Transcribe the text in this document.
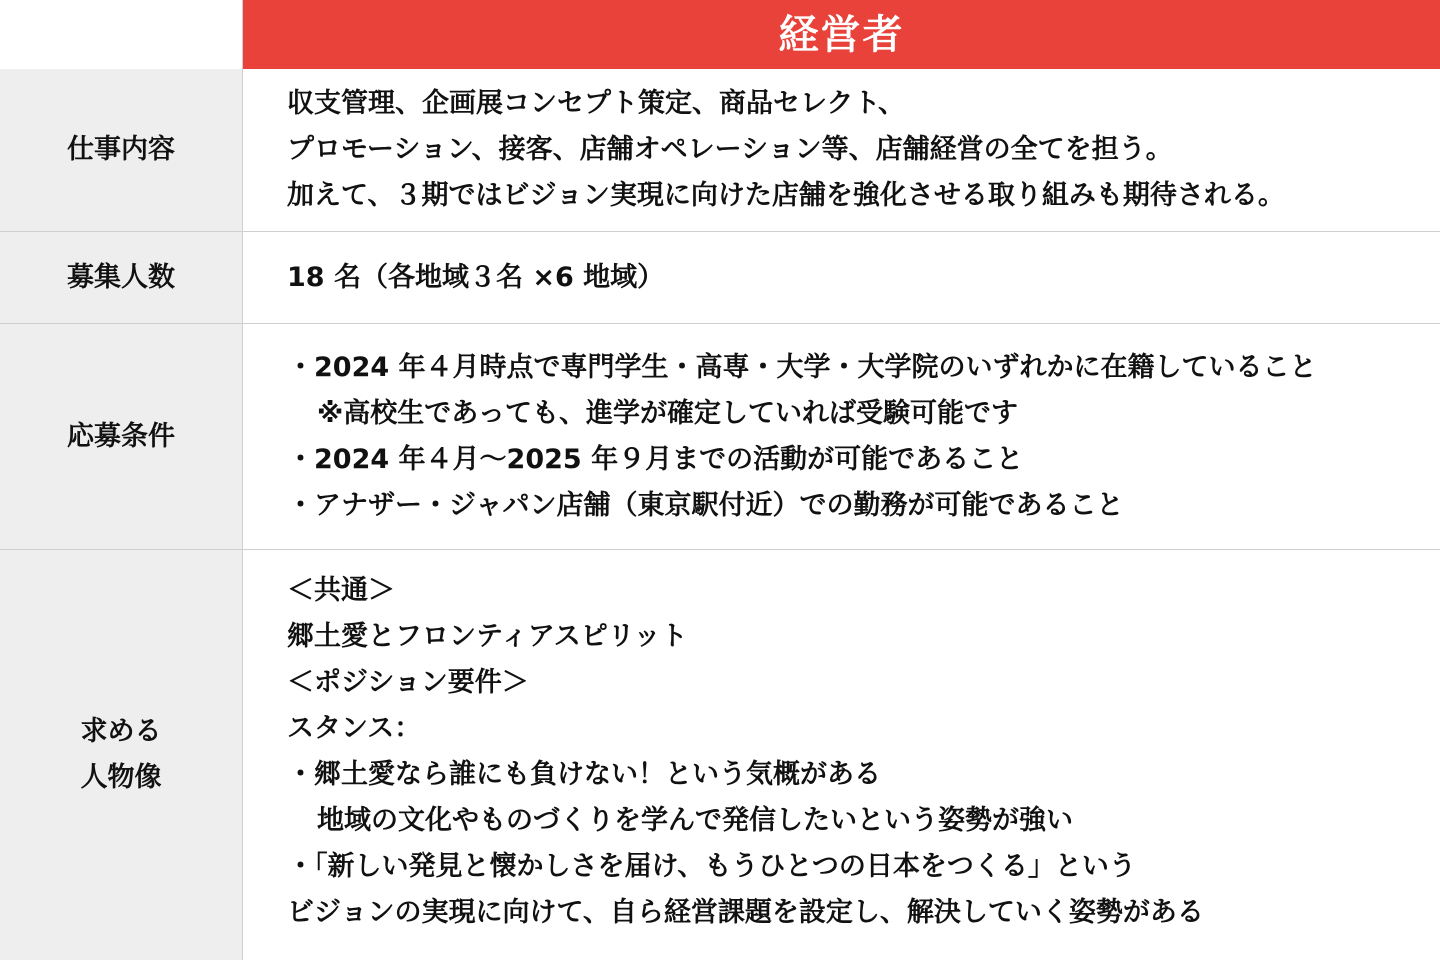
経営者
仕事内容
収支管理、企画展コンセプト策定、商品セレクト、
プロモーション、接客、店舗オペレーション等、店舗経営の全てを担う。
加えて、３期ではビジョン実現に向けた店舗を強化させる取り組みも期待される。
募集人数	18 名（各地域３名 ×6 地域）
応募条件
・2024 年４月時点で専門学生・高専・大学・大学院のいずれかに在籍していること
※高校生であっても、進学が確定していれば受験可能です
・2024 年４月〜2025 年９月までの活動が可能であること
・アナザー・ジャパン店舗（東京駅付近）での勤務が可能であること
求める
人物像
＜共通＞
郷土愛とフロンティアスピリット
＜ポジション要件＞
スタンス：
・郷土愛なら誰にも負けない！という気概がある
地域の文化やものづくりを学んで発信したいという姿勢が強い
・「新しい発見と懐かしさを届け、もうひとつの日本をつくる」という
ビジョンの実現に向けて、自ら経営課題を設定し、解決していく姿勢がある
